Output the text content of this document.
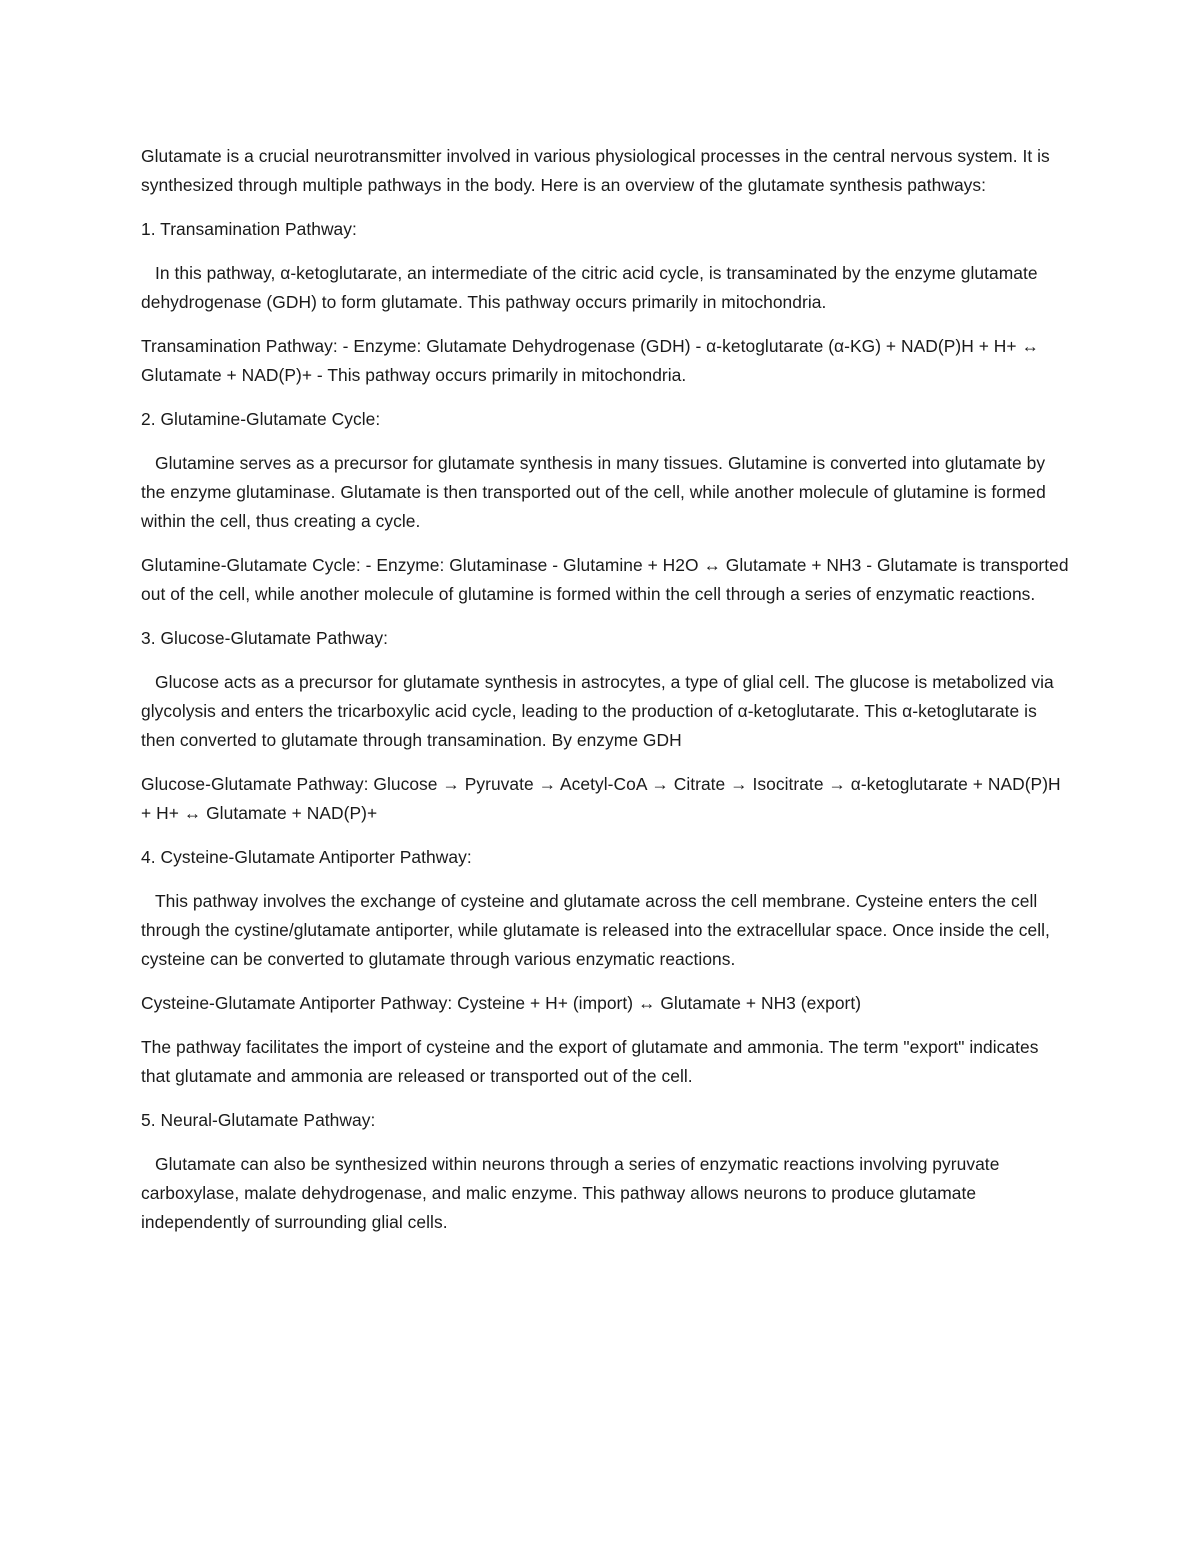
Glutamate is a crucial neurotransmitter involved in various physiological processes in the central nervous system. It is synthesized through multiple pathways in the body. Here is an overview of the glutamate synthesis pathways:

1. Transamination Pathway:

In this pathway, α-ketoglutarate, an intermediate of the citric acid cycle, is transaminated by the enzyme glutamate dehydrogenase (GDH) to form glutamate. This pathway occurs primarily in mitochondria.

Transamination Pathway: - Enzyme: Glutamate Dehydrogenase (GDH) - α-ketoglutarate (α-KG) + NAD(P)H + H+ ↔ Glutamate + NAD(P)+ - This pathway occurs primarily in mitochondria.

2. Glutamine-Glutamate Cycle:

Glutamine serves as a precursor for glutamate synthesis in many tissues. Glutamine is converted into glutamate by the enzyme glutaminase. Glutamate is then transported out of the cell, while another molecule of glutamine is formed within the cell, thus creating a cycle.

Glutamine-Glutamate Cycle: - Enzyme: Glutaminase - Glutamine + H2O ↔ Glutamate + NH3 - Glutamate is transported out of the cell, while another molecule of glutamine is formed within the cell through a series of enzymatic reactions.

3. Glucose-Glutamate Pathway:

Glucose acts as a precursor for glutamate synthesis in astrocytes, a type of glial cell. The glucose is metabolized via glycolysis and enters the tricarboxylic acid cycle, leading to the production of α-ketoglutarate. This α-ketoglutarate is then converted to glutamate through transamination. By enzyme GDH

Glucose-Glutamate Pathway: Glucose → Pyruvate → Acetyl-CoA → Citrate → Isocitrate → α-ketoglutarate + NAD(P)H + H+ ↔ Glutamate + NAD(P)+

4. Cysteine-Glutamate Antiporter Pathway:

This pathway involves the exchange of cysteine and glutamate across the cell membrane. Cysteine enters the cell through the cystine/glutamate antiporter, while glutamate is released into the extracellular space. Once inside the cell, cysteine can be converted to glutamate through various enzymatic reactions.

Cysteine-Glutamate Antiporter Pathway: Cysteine + H+ (import) ↔ Glutamate + NH3 (export)

The pathway facilitates the import of cysteine and the export of glutamate and ammonia. The term "export" indicates that glutamate and ammonia are released or transported out of the cell.

5. Neural-Glutamate Pathway:

Glutamate can also be synthesized within neurons through a series of enzymatic reactions involving pyruvate carboxylase, malate dehydrogenase, and malic enzyme. This pathway allows neurons to produce glutamate independently of surrounding glial cells.
